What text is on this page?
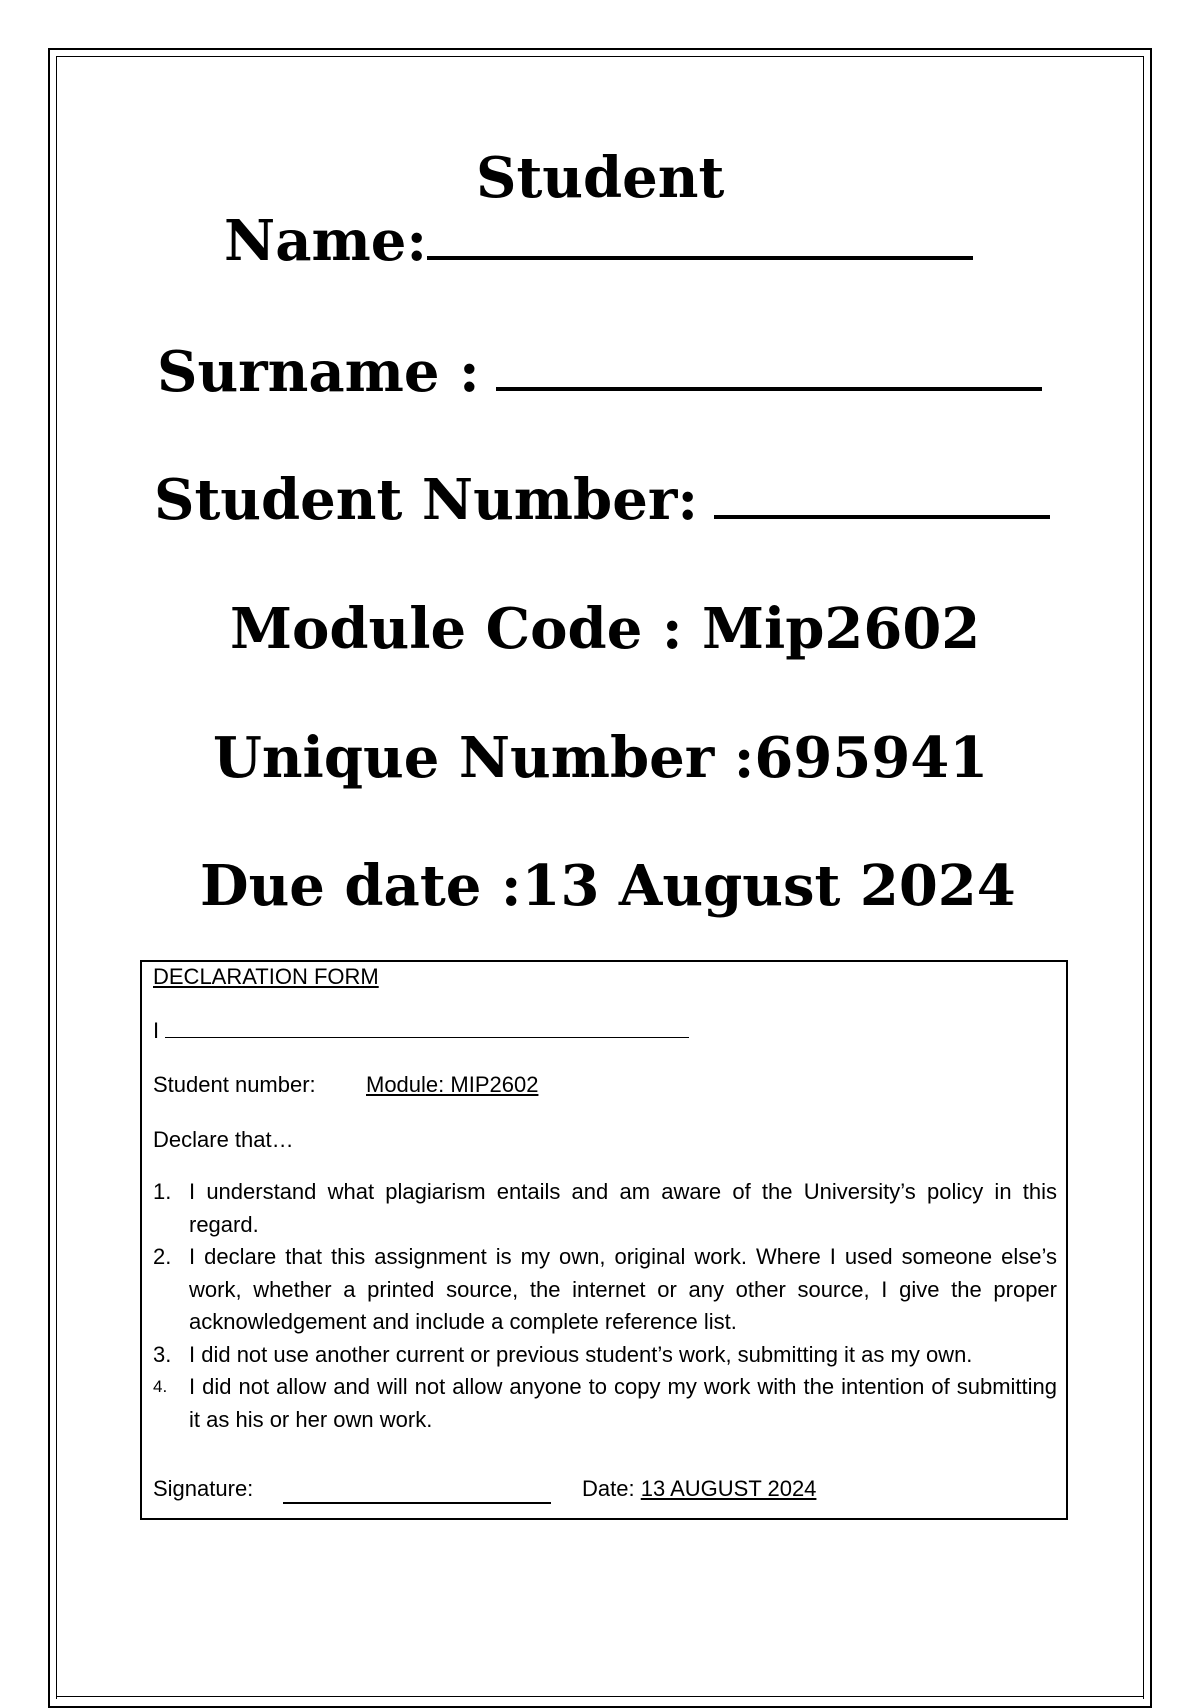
Student
Name:
Surname :
Student Number:
Module Code : Mip2602
Unique Number :695941
Due date :13 August 2024
DECLARATION FORM
I
Student number: Module: MIP2602
Declare that…
1. I understand what plagiarism entails and am aware of the University’s policy in this regard.
2. I declare that this assignment is my own, original work. Where I used someone else’s work, whether a printed source, the internet or any other source, I give the proper acknowledgement and include a complete reference list.
3. I did not use another current or previous student’s work, submitting it as my own.
4. I did not allow and will not allow anyone to copy my work with the intention of submitting it as his or her own work.
Signature:	Date: 13 AUGUST 2024
